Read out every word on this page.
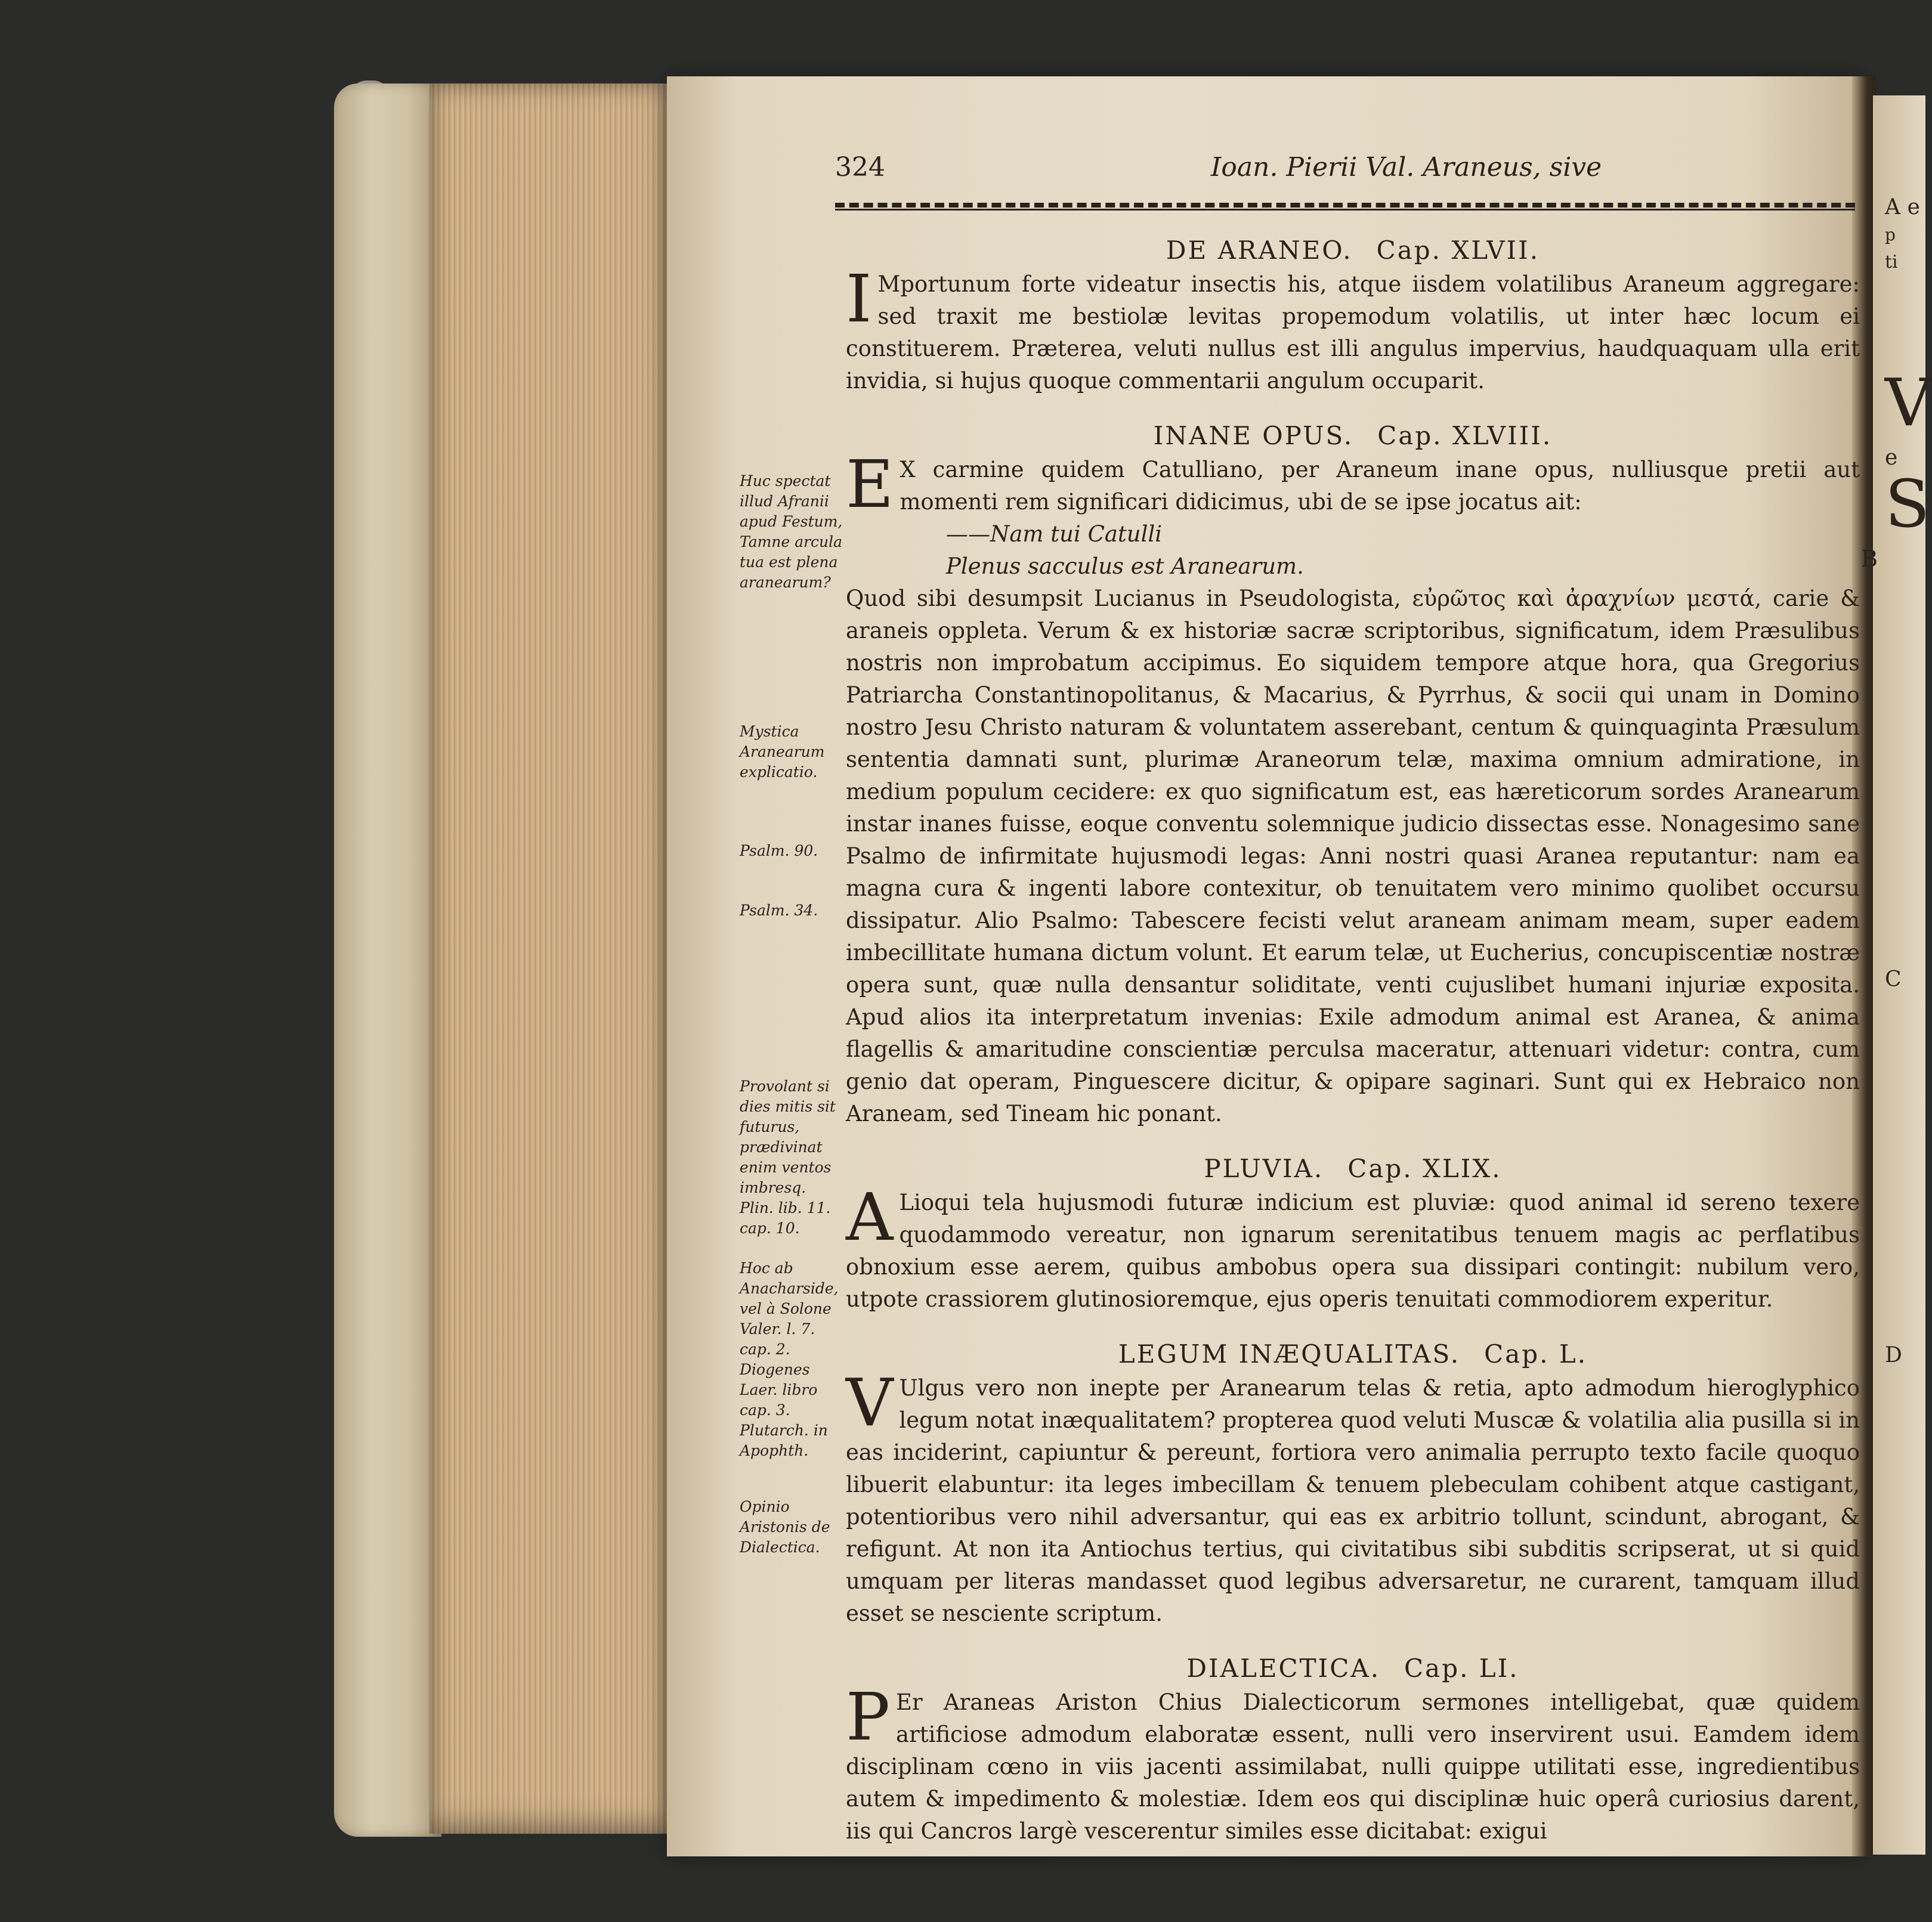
A e
p
ti
V
e
S
C
D
B
324	Ioan. Pierii Val. Araneus, sive
DE ARANEO. Cap. XLVII.

I Mportunum forte videatur insectis his, atque iisdem volatilibus Araneum aggregare: sed traxit me bestiolæ levitas propemodum volatilis, ut inter hæc locum ei constituerem. Præterea, veluti nullus est illi angulus impervius, haudquaquam ulla erit invidia, si hujus quoque commentarii angulum occuparit.

INANE OPUS. Cap. XLVIII.

E X carmine quidem Catulliano, per Araneum inane opus, nulliusque pretii aut momenti rem significari didicimus, ubi de se ipse jocatus ait:

——Nam tui Catulli

Plenus sacculus est Aranearum.

Quod sibi desumpsit Lucianus in Pseudologista, εὐρῶτος καὶ ἀραχνίων μεστά, carie & araneis oppleta. Verum & ex historiæ sacræ scriptoribus, significatum, idem Præsulibus nostris non improbatum accipimus. Eo siquidem tempore atque hora, qua Gregorius Patriarcha Constantinopolitanus, & Macarius, & Pyrrhus, & socii qui unam in Domino nostro Jesu Christo naturam & voluntatem asserebant, centum & quinquaginta Præsulum sententia damnati sunt, plurimæ Araneorum telæ, maxima omnium admiratione, in medium populum cecidere: ex quo significatum est, eas hæreticorum sordes Aranearum instar inanes fuisse, eoque conventu solemnique judicio dissectas esse. Nonagesimo sane Psalmo de infirmitate hujusmodi legas: Anni nostri quasi Aranea reputantur: nam ea magna cura & ingenti labore contexitur, ob tenuitatem vero minimo quolibet occursu dissipatur. Alio Psalmo: Tabescere fecisti velut araneam animam meam, super eadem imbecillitate humana dictum volunt. Et earum telæ, ut Eucherius, concupiscentiæ nostræ opera sunt, quæ nulla densantur soliditate, venti cujuslibet humani injuriæ exposita. Apud alios ita interpretatum invenias: Exile admodum animal est Aranea, & anima flagellis & amaritudine conscientiæ perculsa maceratur, attenuari videtur: contra, cum genio dat operam, Pinguescere dicitur, & opipare saginari. Sunt qui ex Hebraico non Araneam, sed Tineam hic ponant.

PLUVIA. Cap. XLIX.

A Lioqui tela hujusmodi futuræ indicium est pluviæ: quod animal id sereno texere quodammodo vereatur, non ignarum serenitatibus tenuem magis ac perflatibus obnoxium esse aerem, quibus ambobus opera sua dissipari contingit: nubilum vero, utpote crassiorem glutinosioremque, ejus operis tenuitati commodiorem experitur.

LEGUM INÆQUALITAS. Cap. L.

V Ulgus vero non inepte per Aranearum telas & retia, apto admodum hieroglyphico legum notat inæqualitatem? propterea quod veluti Muscæ & volatilia alia pusilla si in eas inciderint, capiuntur & pereunt, fortiora vero animalia perrupto texto facile quoquo libuerit elabuntur: ita leges imbecillam & tenuem plebeculam cohibent atque castigant, potentioribus vero nihil adversantur, qui eas ex arbitrio tollunt, scindunt, abrogant, & refigunt. At non ita Antiochus tertius, qui civitatibus sibi subditis scripserat, ut si quid umquam per literas mandasset quod legibus adversaretur, ne curarent, tamquam illud esset se nesciente scriptum.

DIALECTICA. Cap. LI.

P Er Araneas Ariston Chius Dialecticorum sermones intelligebat, quæ quidem artificiose admodum elaboratæ essent, nulli vero inservirent usui. Eamdem idem disciplinam cœno in viis jacenti assimilabat, nulli quippe utilitati esse, ingredientibus autem & impedimento & molestiæ. Idem eos qui disciplinæ huic operâ curiosius darent, iis qui Cancros largè vescerentur similes esse dicitabat: exigui

Huc spectat illud Afranii apud Festum, Tamne arcula tua est plena aranearum?
Mystica Aranearum explicatio.
Psalm. 90.
Psalm. 34.
Provolant si dies mitis sit futurus, prædivinat enim ventos imbresq. Plin. lib. 11. cap. 10.
Hoc ab Anacharside, vel à Solone Valer. l. 7. cap. 2. Diogenes Laer. libro cap. 3. Plutarch. in Apophth.
Opinio Aristonis de Dialectica.
